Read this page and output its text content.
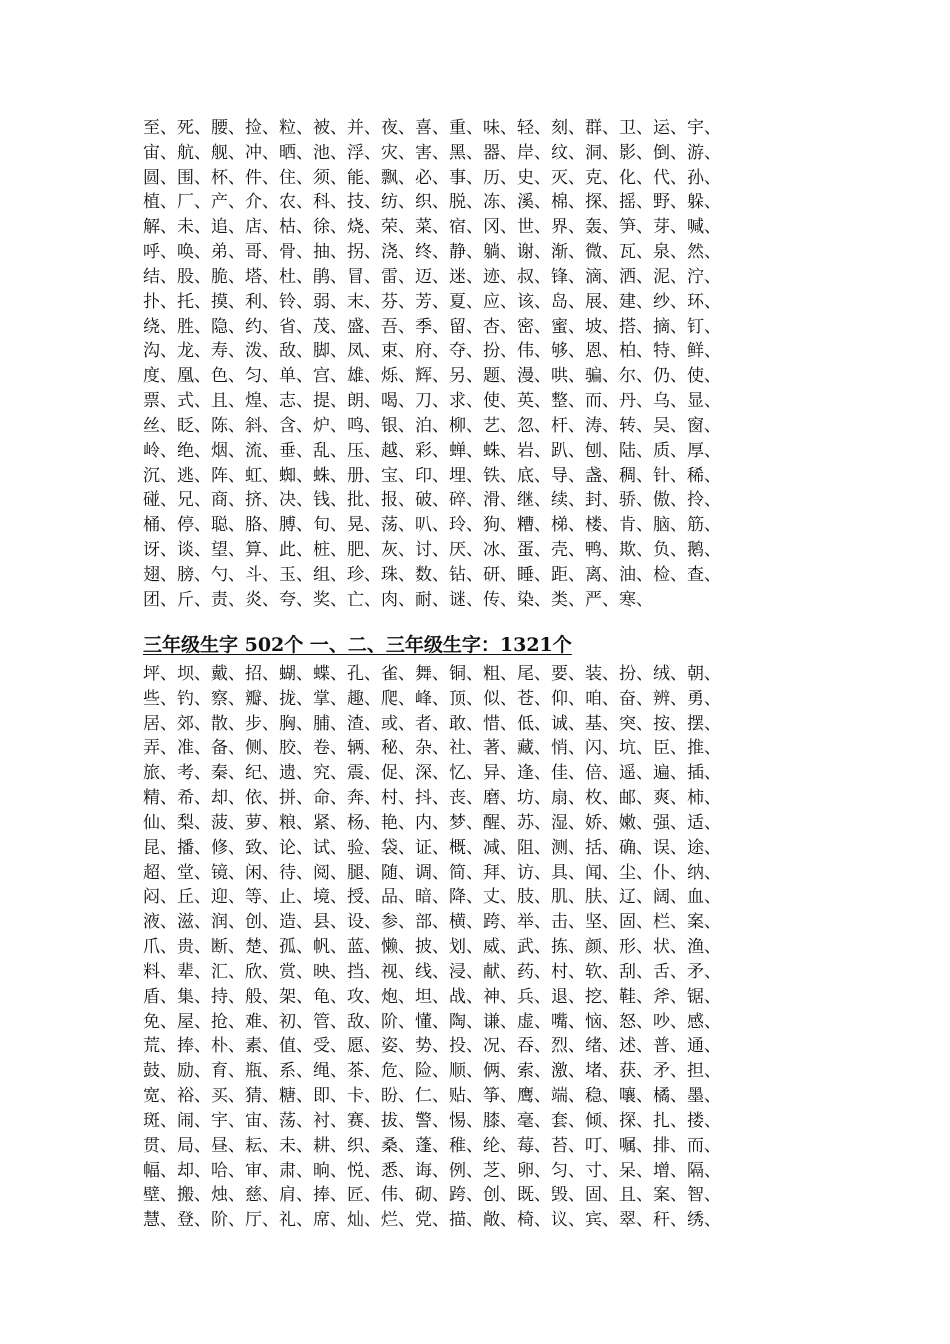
至、死、腰、捡、粒、被、并、夜、喜、重、味、轻、刻、群、卫、运、宇、
宙、航、舰、冲、晒、池、浮、灾、害、黑、器、岸、纹、洞、影、倒、游、
圆、围、杯、件、住、须、能、飘、必、事、历、史、灭、克、化、代、孙、
植、厂、产、介、农、科、技、纺、织、脱、冻、溪、棉、探、摇、野、躲、
解、未、追、店、枯、徐、烧、荣、菜、宿、冈、世、界、轰、笋、芽、喊、
呼、唤、弟、哥、骨、抽、拐、浇、终、静、躺、谢、渐、微、瓦、泉、然、
结、股、脆、塔、杜、鹃、冒、雷、迈、迷、迹、叔、锋、滴、洒、泥、泞、
扑、托、摸、利、铃、弱、末、芬、芳、夏、应、该、岛、展、建、纱、环、
绕、胜、隐、约、省、茂、盛、吾、季、留、杏、密、蜜、坡、搭、摘、钉、
沟、龙、寿、泼、敌、脚、凤、束、府、夺、扮、伟、够、恩、柏、特、鲜、
度、凰、色、匀、单、宫、雄、烁、辉、另、题、漫、哄、骗、尔、仍、使、
票、式、且、煌、志、提、朗、喝、刀、求、使、英、整、而、丹、乌、显、
丝、眨、陈、斜、含、炉、鸣、银、泊、柳、艺、忽、杆、涛、转、吴、窗、
岭、绝、烟、流、垂、乱、压、越、彩、蝉、蛛、岩、趴、刨、陆、质、厚、
沉、逃、阵、虹、蜘、蛛、册、宝、印、埋、铁、底、导、盏、稠、针、稀、
碰、兄、商、挤、决、钱、批、报、破、碎、滑、继、续、封、骄、傲、拎、
桶、停、聪、胳、膊、旬、晃、荡、叭、玲、狗、糟、梯、楼、肯、脑、筋、
讶、谈、望、算、此、桩、肥、灰、讨、厌、冰、蛋、壳、鸭、欺、负、鹅、
翅、膀、勺、斗、玉、组、珍、珠、数、钻、研、睡、距、离、油、检、查、
团、斤、责、炎、夸、奖、亡、肉、耐、谜、传、染、类、严、寒、
三年级生字 502个 一、二、三年级生字：1321个
坪、坝、戴、招、蝴、蝶、孔、雀、舞、铜、粗、尾、要、装、扮、绒、朝、
些、钓、察、瓣、拢、掌、趣、爬、峰、顶、似、苍、仰、咱、奋、辨、勇、
居、郊、散、步、胸、脯、渣、或、者、敢、惜、低、诚、基、突、按、摆、
弄、准、备、侧、胶、卷、辆、秘、杂、社、著、藏、悄、闪、坑、臣、推、
旅、考、秦、纪、遗、究、震、促、深、忆、异、逢、佳、倍、遥、遍、插、
精、希、却、依、拼、命、奔、村、抖、丧、磨、坊、扇、枚、邮、爽、柿、
仙、梨、菠、萝、粮、紧、杨、艳、内、梦、醒、苏、湿、娇、嫩、强、适、
昆、播、修、致、论、试、验、袋、证、概、减、阻、测、括、确、误、途、
超、堂、镜、闲、待、阅、腿、随、调、简、拜、访、具、闻、尘、仆、纳、
闷、丘、迎、等、止、境、授、品、暗、降、丈、肢、肌、肤、辽、阔、血、
液、滋、润、创、造、县、设、参、部、横、跨、举、击、坚、固、栏、案、
爪、贵、断、楚、孤、帆、蓝、懒、披、划、威、武、拣、颜、形、状、渔、
料、辈、汇、欣、赏、映、挡、视、线、浸、献、药、村、软、刮、舌、矛、
盾、集、持、般、架、龟、攻、炮、坦、战、神、兵、退、挖、鞋、斧、锯、
免、屋、抢、难、初、管、敌、阶、懂、陶、谦、虚、嘴、恼、怒、吵、感、
荒、捧、朴、素、值、受、愿、姿、势、投、况、吞、烈、绪、述、普、通、
鼓、励、育、瓶、系、绳、茶、危、险、顺、俩、索、激、堵、获、矛、担、
宽、裕、买、猜、糖、即、卡、盼、仁、贴、筝、鹰、端、稳、嚷、橘、墨、
斑、闹、宇、宙、荡、衬、赛、拔、警、惕、膝、毫、套、倾、探、扎、搂、
贯、局、昼、耘、未、耕、织、桑、蓬、稚、纶、莓、苔、叮、嘱、排、而、
幅、却、哈、审、肃、晌、悦、悉、诲、例、芝、卵、匀、寸、呆、增、隔、
壁、搬、烛、慈、肩、捧、匠、伟、砌、跨、创、既、毁、固、且、案、智、
慧、登、阶、厅、礼、席、灿、烂、党、描、敞、椅、议、宾、翠、秆、绣、
